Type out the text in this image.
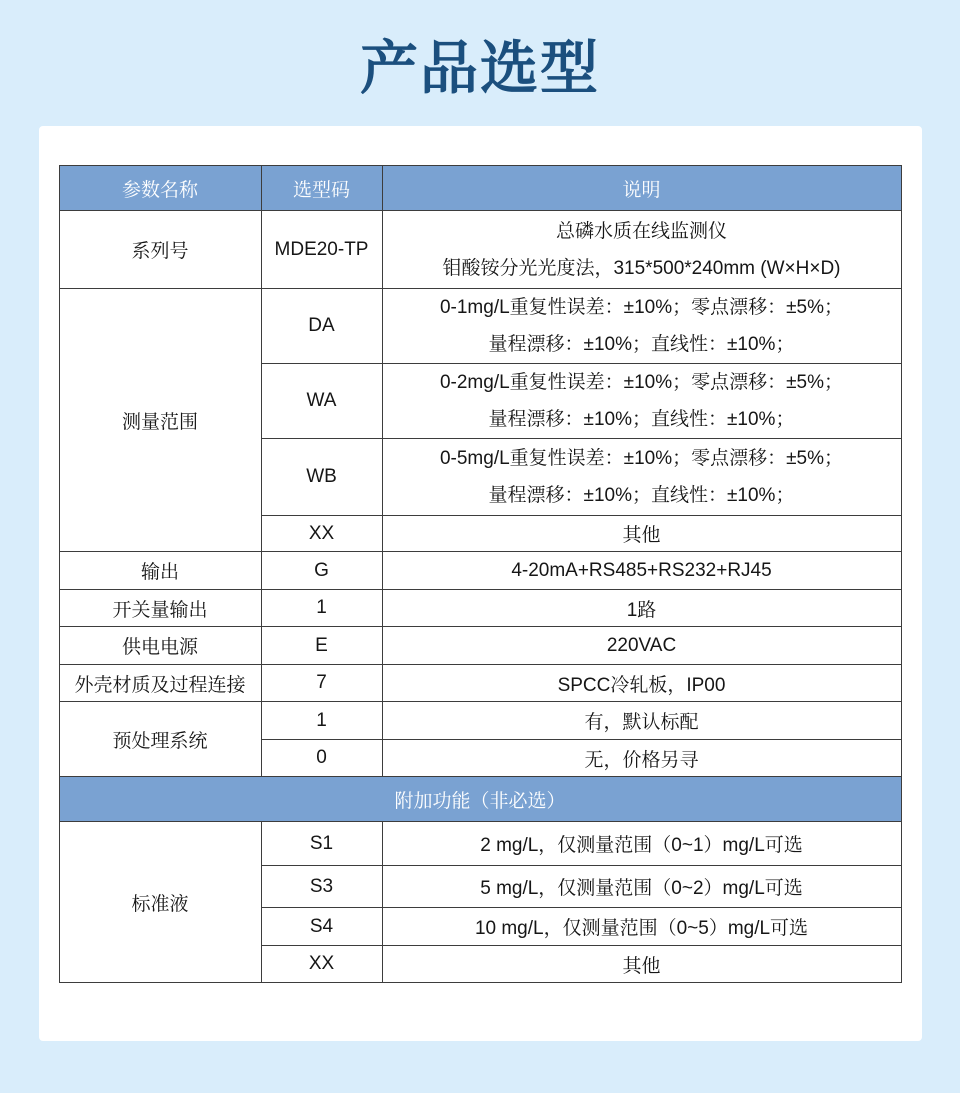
产品选型
参数名称	选型码	说明
系列号	MDE20-TP	总磷水质在线监测仪
钼酸铵分光光度法，315*500*240mm (W×H×D)

测量范围	DA	0-1mg/L重复性误差：±10%；零点漂移：±5%；
量程漂移：±10%；直线性：±10%；

	WA	0-2mg/L重复性误差：±10%；零点漂移：±5%；
量程漂移：±10%；直线性：±10%；

	WB	0-5mg/L重复性误差：±10%；零点漂移：±5%；
量程漂移：±10%；直线性：±10%；

	XX	其他
输出	G	4-20mA+RS485+RS232+RJ45
开关量输出	1	1路
供电电源	E	220VAC
外壳材质及过程连接	7	SPCC冷轧板，IP00
预处理系统	1	有，默认标配
	0	无，价格另寻
附加功能（非必选）		
标准液	S1	2 mg/L，仅测量范围（0~1）mg/L可选
	S3	5 mg/L，仅测量范围（0~2）mg/L可选
	S4	10 mg/L，仅测量范围（0~5）mg/L可选
	XX	其他
